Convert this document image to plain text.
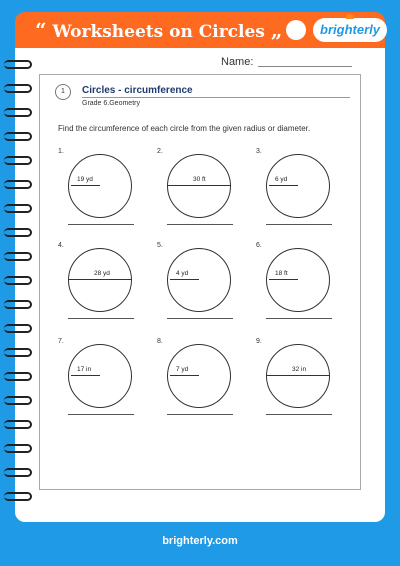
“ Worksheets on Circles „	brighterly
Name:
1	Circles - circumference
Grade 6.Geometry
Find the circumference of each circle from the given radius or diameter.
1.
19 yd
2.
30 ft
3.
6 yd
4.
28 yd
5.
4 yd
6.
18 ft
7.
17 in
8.
7 yd
9.
32 in
brighterly.com
